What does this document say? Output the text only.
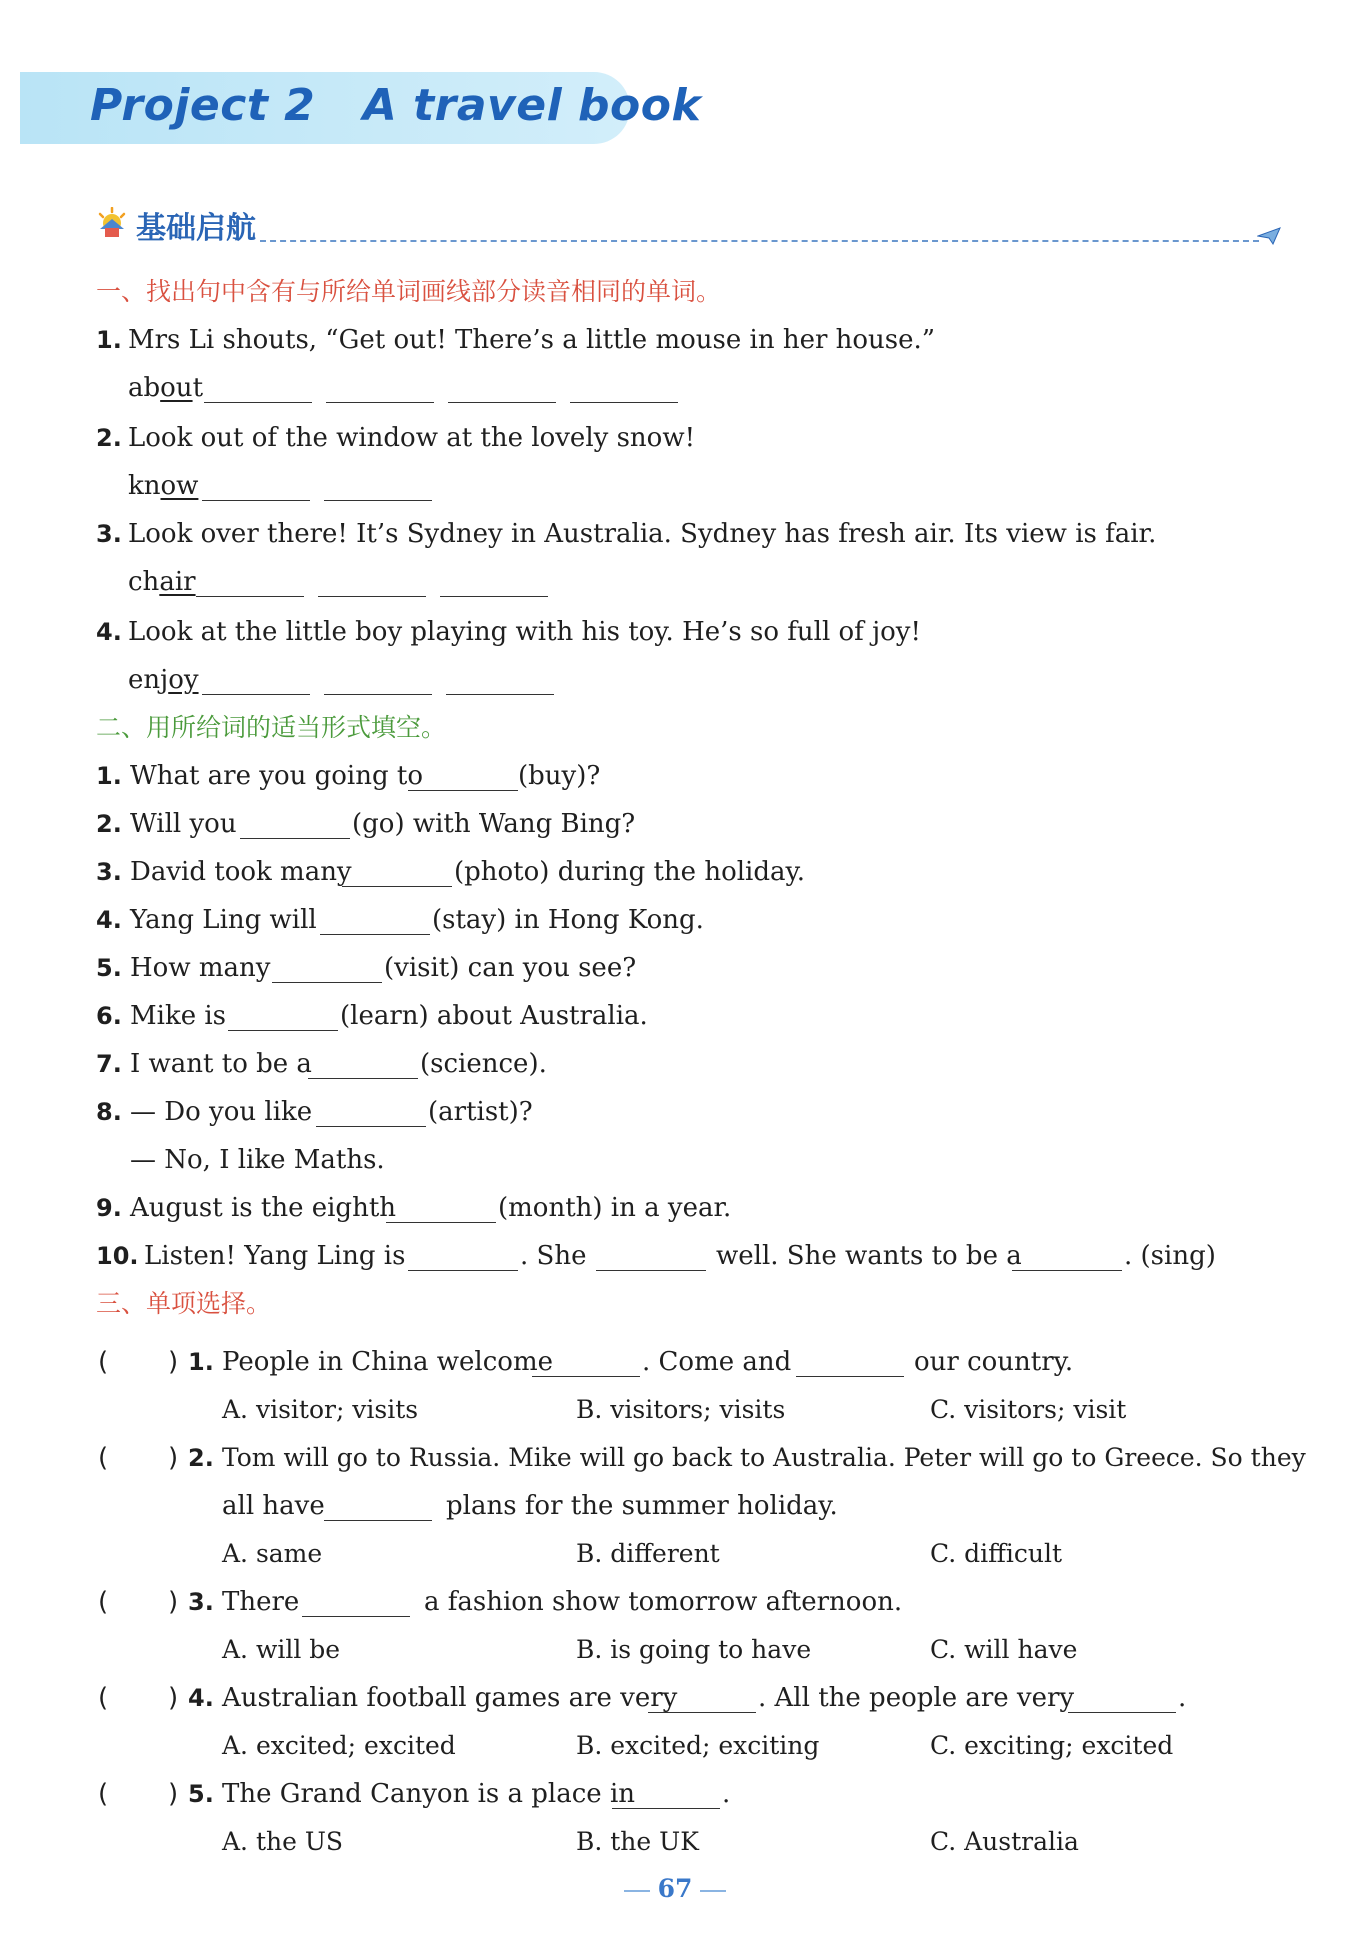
Project 2 A travel book
基础启航
一、找出句中含有与所给单词画线部分读音相同的单词。
1. Mrs Li shouts, “Get out! There’s a little mouse in her house.”
about
2. Look out of the window at the lovely snow!
know
3. Look over there! It’s Sydney in Australia. Sydney has fresh air. Its view is fair.
chair
4. Look at the little boy playing with his toy. He’s so full of joy!
enjoy
二、用所给词的适当形式填空。
1. What are you going to	(buy)?
2. Will you	(go) with Wang Bing?
3. David took many	(photo) during the holiday.
4. Yang Ling will	(stay) in Hong Kong.
5. How many	(visit) can you see?
6. Mike is	(learn) about Australia.
7. I want to be a	(science).
8. — Do you like	(artist)?
— No, I like Maths.
9. August is the eighth	(month) in a year.
10. Listen! Yang Ling is	. She	well. She wants to be a	. (sing)
三、单项选择。
( ) 1. People in China welcome	. Come and	our country.
A. visitor; visits	B. visitors; visits	C. visitors; visit
( ) 2. Tom will go to Russia. Mike will go back to Australia. Peter will go to Greece. So they
all have	plans for the summer holiday.
A. same	B. different	C. difficult
( ) 3. There	a fashion show tomorrow afternoon.
A. will be	B. is going to have	C. will have
( ) 4. Australian football games are very	. All the people are very	.
A. excited; excited	B. excited; exciting	C. exciting; excited
( ) 5. The Grand Canyon is a place in	.
A. the US	B. the UK	C. Australia
67
